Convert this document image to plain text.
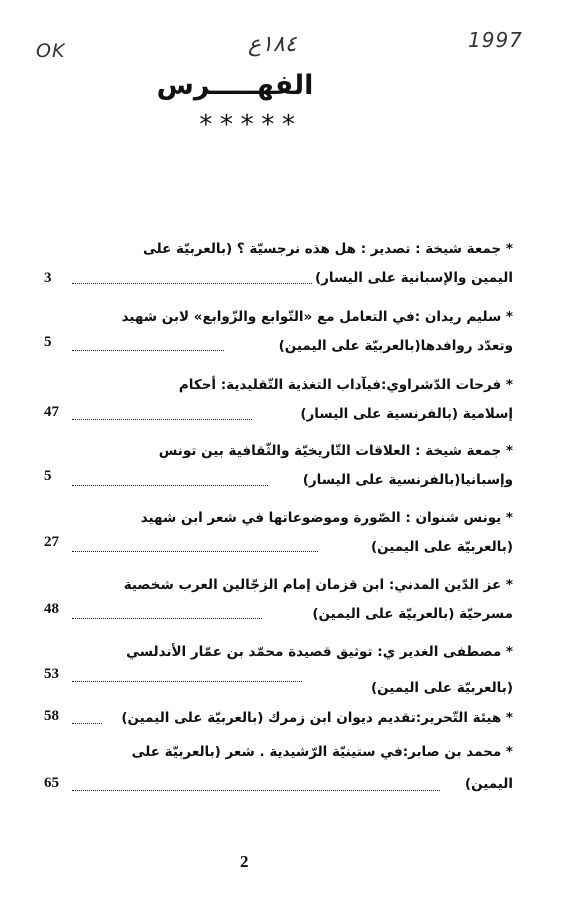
OK	١٨٤ع	1997
الفهـــــرس
*****
* جمعة شيخة : تصدير : هل هذه نرجسيّة ؟ (بالعربيّة على
اليمين والإسبانية على اليسار)
3
* سليم ريدان :في التعامل مع «التّوابع والزّوابع» لابن شهيد
وتعدّد روافدها(بالعربيّة على اليمين)
5
* فرحات الدّشراوي:فيآداب التغذية التّقليدية: أحكام
إسلامية (بالفرنسية على اليسار)
47
* جمعة شيخة : العلاقات التّاريخيّة والثّقافية بين تونس
وإسبانيا(بالفرنسية على اليسار)
5
* يونس شنوان : الصّورة وموضوعاتها في شعر ابن شهيد
(بالعربيّة على اليمين)
27
* عز الدّين المدني: ابن قزمان إمام الزجّالين العرب شخصية
مسرحيّة (بالعربيّة على اليمين)
48
* مصطفى الغدير ي: توثيق قصيدة محمّد بن عمّار الأندلسي
(بالعربيّة على اليمين)
53
* هيئة التّحرير:تقديم ديوان ابن زمرك (بالعربيّة على اليمين)
58
* محمد بن صابر:في ستينيّة الرّشيدية . شعر (بالعربيّة على
اليمين)
65
2
